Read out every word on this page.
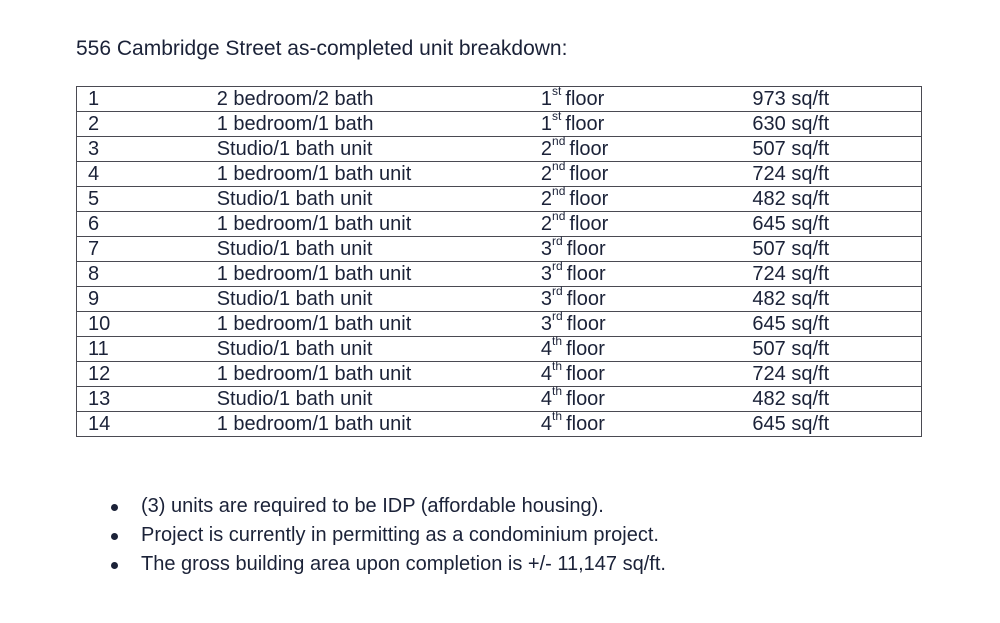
556 Cambridge Street as-completed unit breakdown:
1	2 bedroom/2 bath	1st floor	973 sq/ft

2	1 bedroom/1 bath	1st floor	630 sq/ft

3	Studio/1 bath unit	2nd floor	507 sq/ft

4	1 bedroom/1 bath unit	2nd floor	724 sq/ft

5	Studio/1 bath unit	2nd floor	482 sq/ft

6	1 bedroom/1 bath unit	2nd floor	645 sq/ft

7	Studio/1 bath unit	3rd floor	507 sq/ft

8	1 bedroom/1 bath unit	3rd floor	724 sq/ft

9	Studio/1 bath unit	3rd floor	482 sq/ft

10	1 bedroom/1 bath unit	3rd floor	645 sq/ft

11	Studio/1 bath unit	4th floor	507 sq/ft

12	1 bedroom/1 bath unit	4th floor	724 sq/ft

13	Studio/1 bath unit	4th floor	482 sq/ft

14	1 bedroom/1 bath unit	4th floor	645 sq/ft
(3) units are required to be IDP (affordable housing).
Project is currently in permitting as a condominium project.
The gross building area upon completion is +/- 11,147 sq/ft.
